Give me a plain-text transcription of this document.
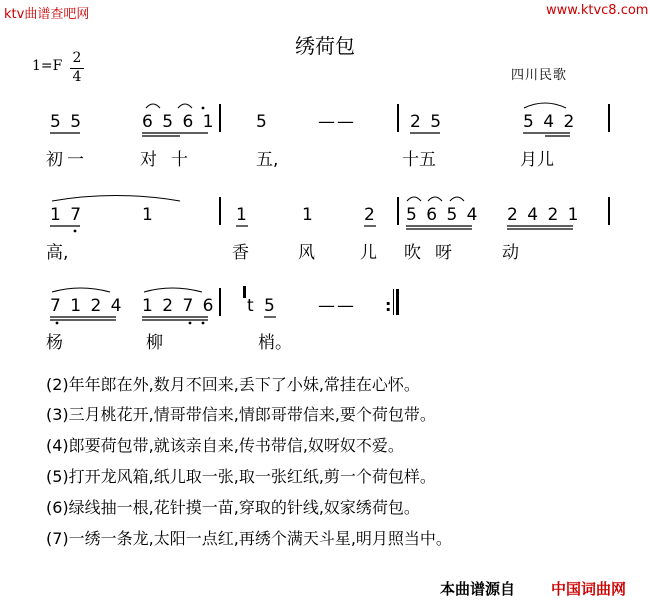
ktv曲谱查吧网	www.ktvc8.com
绣荷包
1=F 2
4	四川民歌
5 5	6 5 6 1 5	——	2 5	5 4 2
初一	对十	五,	十五	月儿
1 7	1	1	1	2 5 6 5 4 2 4 2 1
高,	香	风	儿 吹呀 动
7 1 2 4 1 2 7 6	5 ——
t	:
杨	柳	梢。
(2)年年郎在外,数月不回来,丢下了小妹,常挂在心怀。
(3)三月桃花开,情哥带信来,情郎哥带信来,要个荷包带。
(4)郎要荷包带,就该亲自来,传书带信,奴呀奴不爱。
(5)打开龙风箱,纸儿取一张,取一张红纸,剪一个荷包样。
(6)绿线抽一根,花针摸一苗,穿取的针线,奴家绣荷包。
(7)一绣一条龙,太阳一点红,再绣个满天斗星,明月照当中。
本曲谱源自 中国词曲网
